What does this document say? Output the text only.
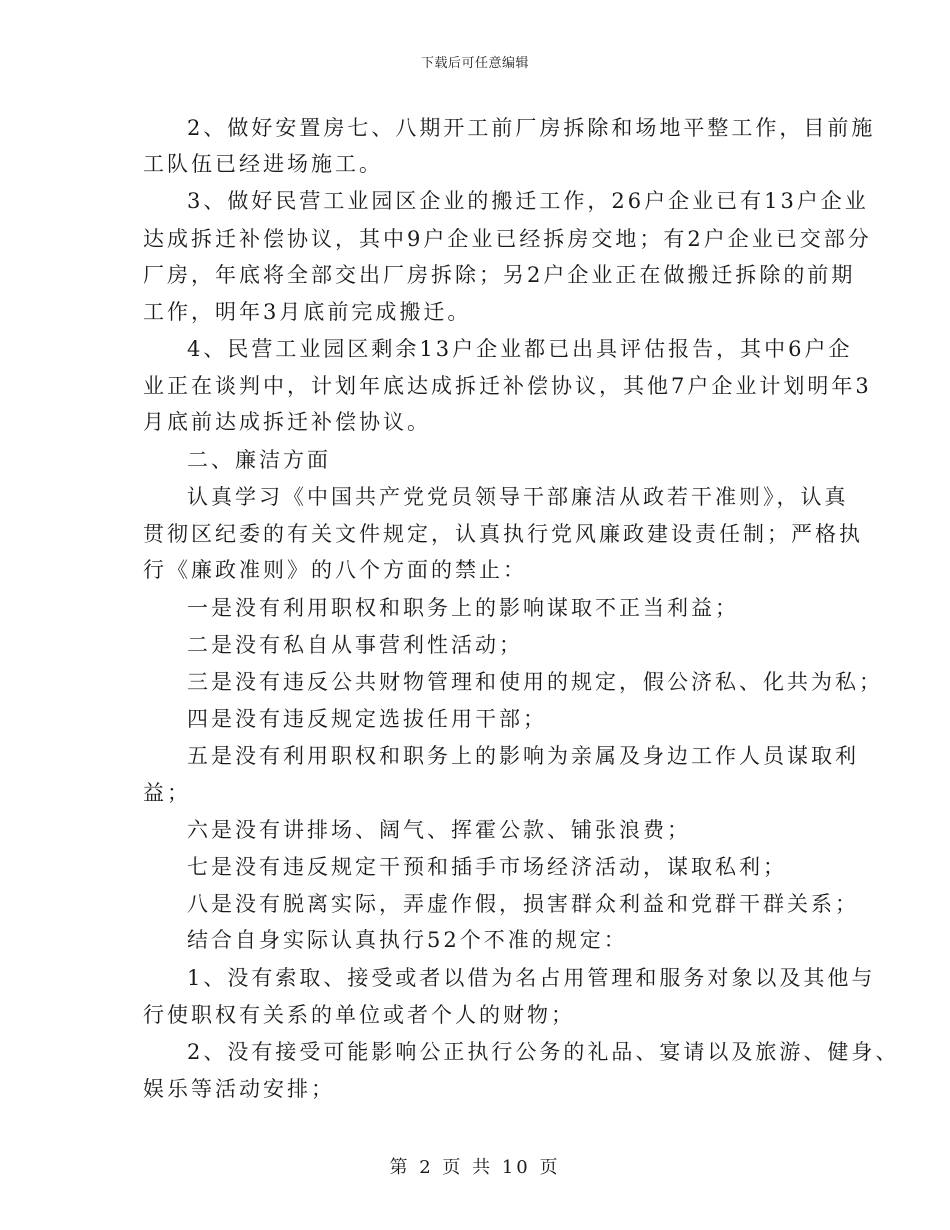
下载后可任意编辑
2、做好安置房七、八期开工前厂房拆除和场地平整工作，目前施
工队伍已经进场施工。
3、做好民营工业园区企业的搬迁工作，26户企业已有13户企业
达成拆迁补偿协议，其中9户企业已经拆房交地；有2户企业已交部分
厂房，年底将全部交出厂房拆除；另2户企业正在做搬迁拆除的前期
工作，明年3月底前完成搬迁。
4、民营工业园区剩余13户企业都已出具评估报告，其中6户企
业正在谈判中，计划年底达成拆迁补偿协议，其他7户企业计划明年3
月底前达成拆迁补偿协议。
二、廉洁方面
认真学习《中国共产党党员领导干部廉洁从政若干准则》，认真
贯彻区纪委的有关文件规定，认真执行党风廉政建设责任制；严格执
行《廉政准则》的八个方面的禁止：
一是没有利用职权和职务上的影响谋取不正当利益；
二是没有私自从事营利性活动；
三是没有违反公共财物管理和使用的规定，假公济私、化共为私；
四是没有违反规定选拔任用干部；
五是没有利用职权和职务上的影响为亲属及身边工作人员谋取利
益；
六是没有讲排场、阔气、挥霍公款、铺张浪费；
七是没有违反规定干预和插手市场经济活动，谋取私利；
八是没有脱离实际，弄虚作假，损害群众利益和党群干群关系；
结合自身实际认真执行52个不准的规定：
1、没有索取、接受或者以借为名占用管理和服务对象以及其他与
行使职权有关系的单位或者个人的财物；
2、没有接受可能影响公正执行公务的礼品、宴请以及旅游、健身、
娱乐等活动安排；
第 2 页 共 10 页
